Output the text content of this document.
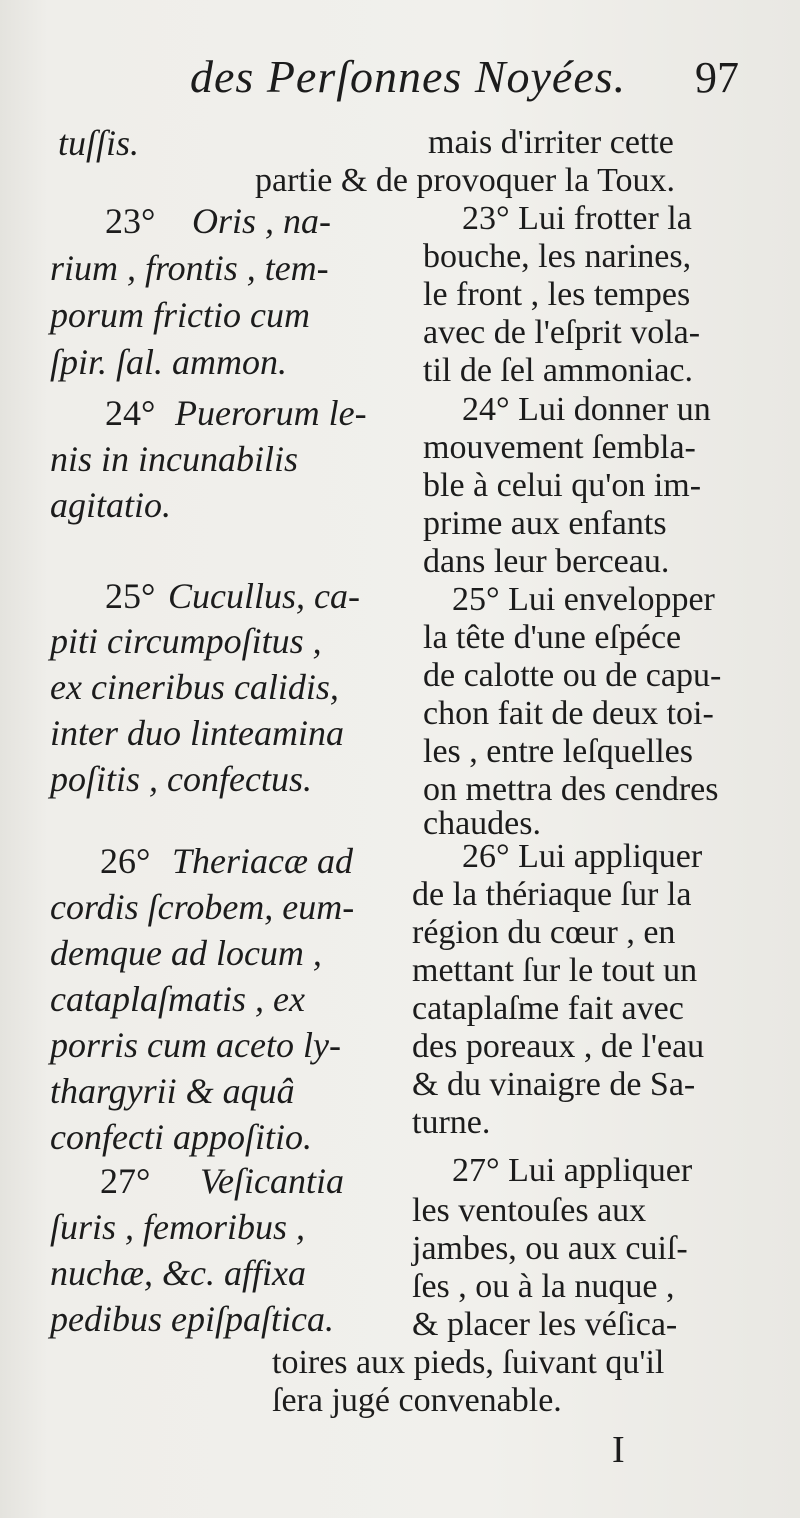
des Perſonnes Noyées. 97
tuſſis.
23° Oris , na-
rium , frontis , tem-
porum frictio cum
ſpir. ſal. ammon.
24° Puerorum le-
nis in incunabilis
agitatio.
25° Cucullus, ca-
piti circumpoſitus ,
ex cineribus calidis,
inter duo linteamina
poſitis , confectus.
26° Theriacæ ad
cordis ſcrobem, eum-
demque ad locum ,
cataplaſmatis , ex
porris cum aceto ly-
thargyrii & aquâ
confecti appoſitio.
27° Veſicantia
ſuris , femoribus ,
nuchæ, &c. affixa
pedibus epiſpaſtica.
mais d'irriter cette
partie & de provoquer la Toux.
23° Lui frotter la
bouche, les narines,
le front , les tempes
avec de l'eſprit vola-
til de ſel ammoniac.
24° Lui donner un
mouvement ſembla-
ble à celui qu'on im-
prime aux enfants
dans leur berceau.
25° Lui envelopper
la tête d'une eſpéce
de calotte ou de capu-
chon fait de deux toi-
les , entre leſquelles
on mettra des cendres
chaudes.
26° Lui appliquer
de la thériaque ſur la
région du cœur , en
mettant ſur le tout un
cataplaſme fait avec
des poreaux , de l'eau
& du vinaigre de Sa-
turne.
27° Lui appliquer
les ventouſes aux
jambes, ou aux cuiſ-
ſes , ou à la nuque ,
& placer les véſica-
toires aux pieds, ſuivant qu'il
ſera jugé convenable.
I
